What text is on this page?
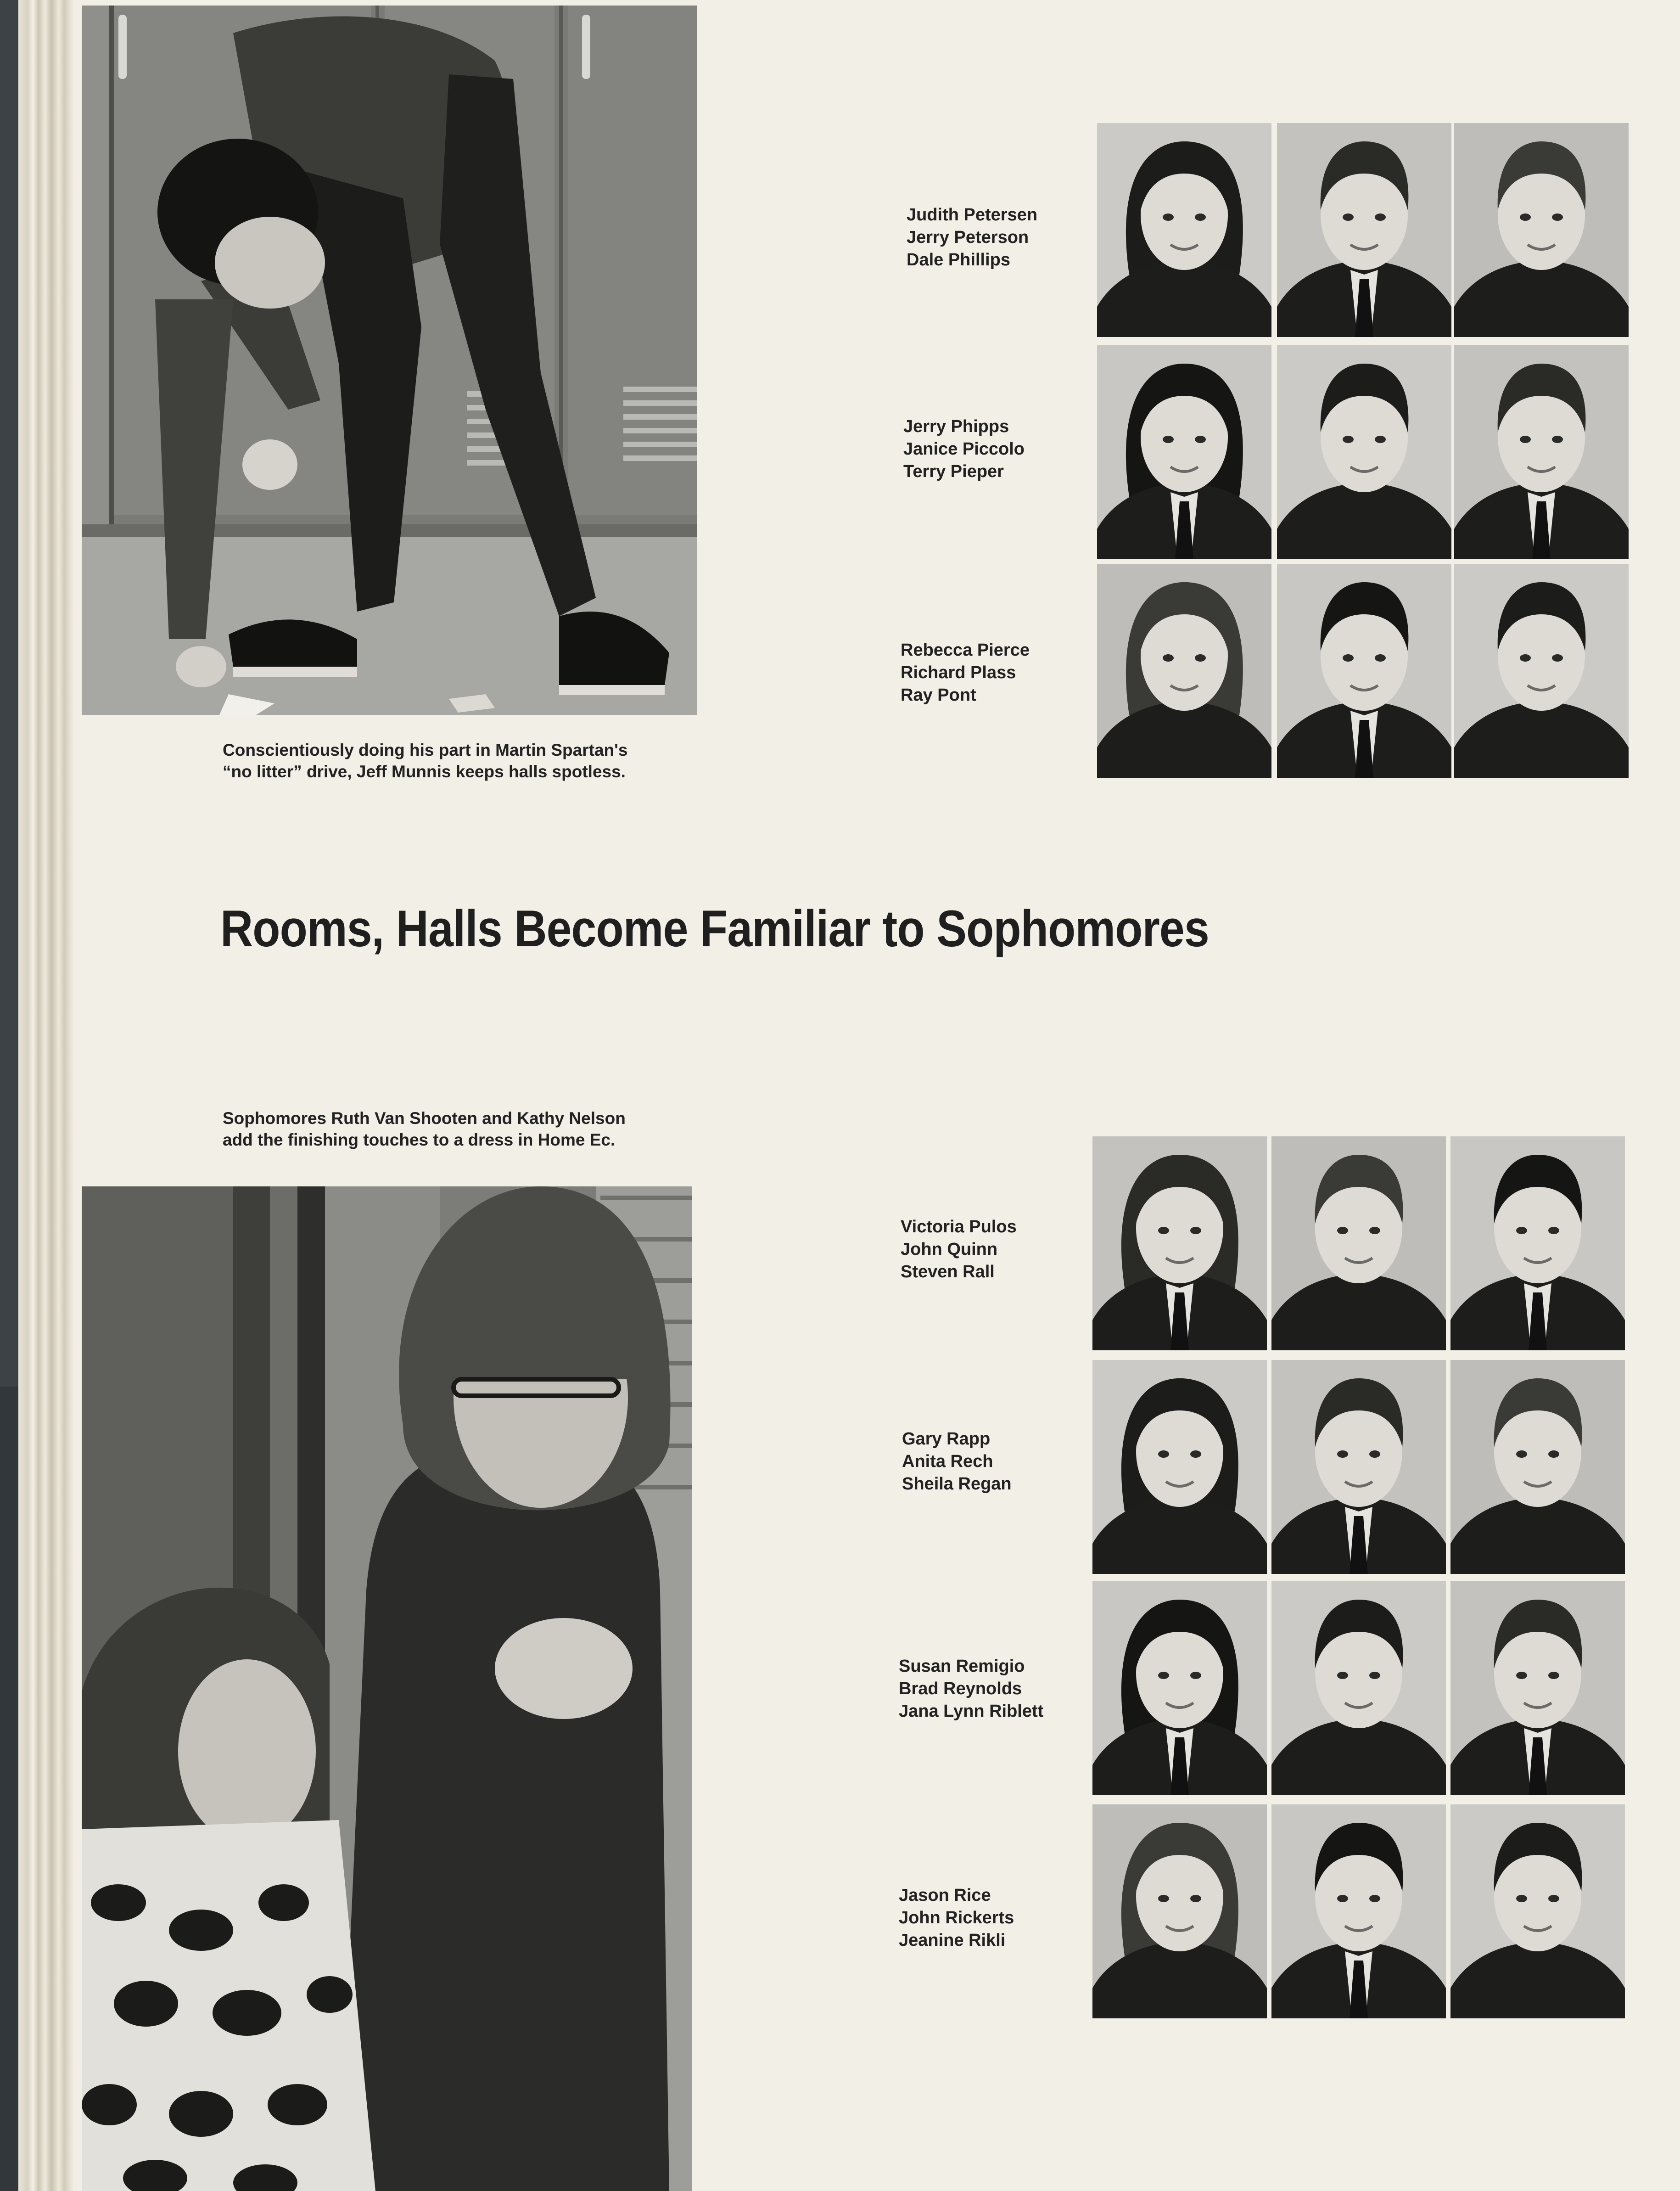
Conscientiously doing his part in Martin Spartan's
“no litter” drive, Jeff Munnis keeps halls spotless.

Judith Petersen
Jerry Peterson
Dale Phillips
Jerry Phipps
Janice Piccolo
Terry Pieper
Rebecca Pierce
Richard Plass
Ray Pont
Rooms, Halls Become Familiar to Sophomores

Sophomores Ruth Van Shooten and Kathy Nelson
add the finishing touches to a dress in Home Ec.

Victoria Pulos
John Quinn
Steven Rall
Gary Rapp
Anita Rech
Sheila Regan
Susan Remigio
Brad Reynolds
Jana Lynn Riblett
Jason Rice
John Rickerts
Jeanine Rikli
